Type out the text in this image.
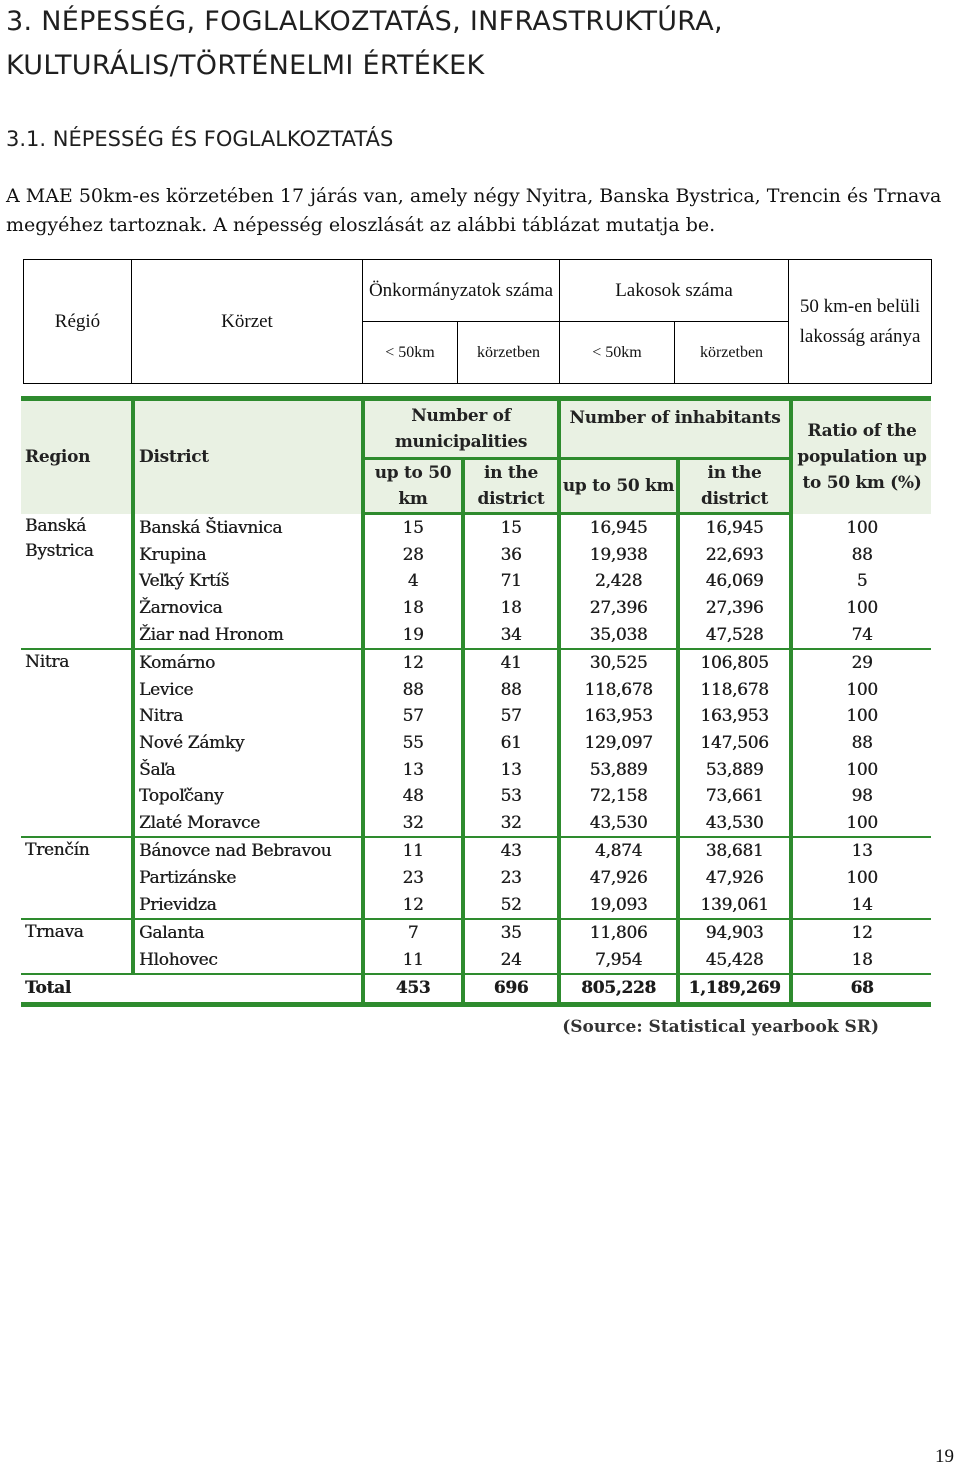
3. NÉPESSÉG, FOGLALKOZTATÁS, INFRASTRUKTÚRA, KULTURÁLIS/TÖRTÉNELMI ÉRTÉKEK
3.1. NÉPESSÉG ÉS FOGLALKOZTATÁS
A MAE 50km-es körzetében 17 járás van, amely négy Nyitra, Banska Bystrica, Trencin és Trnava megyéhez tartoznak. A népesség eloszlását az alábbi táblázat mutatja be.
Régió	Körzet	Önkormányzatok száma		Lakosok száma		50 km-en belüli lakosság aránya
		< 50km	körzetben	< 50km	körzetben	
Region	District	Number of municipalities		Number of inhabitants		Ratio of the population up to 50 km (%)
		up to 50 km	in the district	up to 50 km	in the district	
Banská Bystrica	Banská Štiavnica	15	15	16,945	16,945	100
	Krupina	28	36	19,938	22,693	88
	Veľký Krtíš	4	71	2,428	46,069	5
	Žarnovica	18	18	27,396	27,396	100
	Žiar nad Hronom	19	34	35,038	47,528	74
Nitra	Komárno	12	41	30,525	106,805	29
	Levice	88	88	118,678	118,678	100
	Nitra	57	57	163,953	163,953	100
	Nové Zámky	55	61	129,097	147,506	88
	Šaľa	13	13	53,889	53,889	100
	Topoľčany	48	53	72,158	73,661	98
	Zlaté Moravce	32	32	43,530	43,530	100
Trenčín	Bánovce nad Bebravou	11	43	4,874	38,681	13
	Partizánske	23	23	47,926	47,926	100
	Prievidza	12	52	19,093	139,061	14
Trnava	Galanta	7	35	11,806	94,903	12
	Hlohovec	11	24	7,954	45,428	18
Total		453	696	805,228	1,189,269	68
(Source: Statistical yearbook SR)
19
